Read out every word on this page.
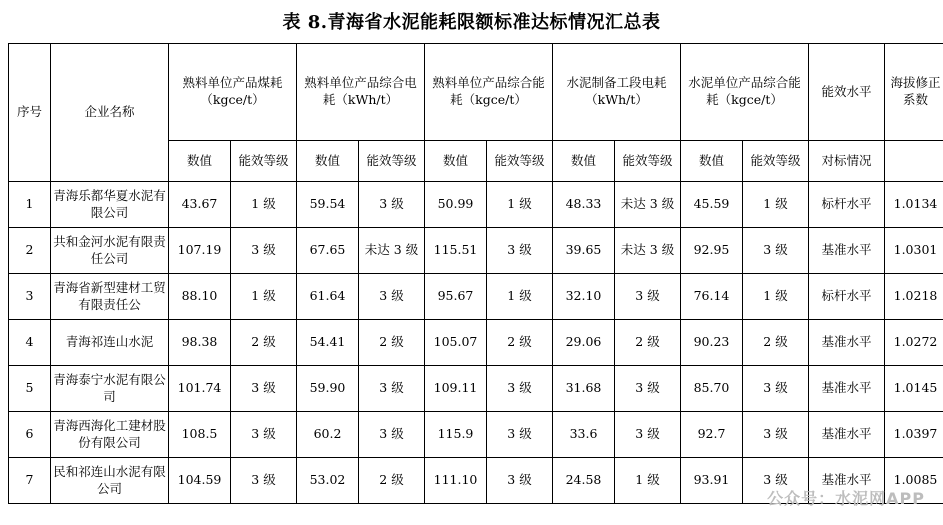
表 8.青海省水泥能耗限额标准达标情况汇总表
序号	企业名称	熟料单位产品煤耗（kgce/t）		熟料单位产品综合电耗（kWh/t）		熟料单位产品综合能耗（kgce/t）		水泥制备工段电耗（kWh/t）		水泥单位产品综合能耗（kgce/t）		能效水平	海拔修正系数
		数值	能效等级	数值	能效等级	数值	能效等级	数值	能效等级	数值	能效等级	对标情况	
1	青海乐都华夏水泥有限公司	43.67	1 级	59.54	3 级	50.99	1 级	48.33	未达 3 级	45.59	1 级	标杆水平	1.0134
2	共和金河水泥有限责任公司	107.19	3 级	67.65	未达 3 级	115.51	3 级	39.65	未达 3 级	92.95	3 级	基准水平	1.0301
3	青海省新型建材工贸有限责任公	88.10	1 级	61.64	3 级	95.67	1 级	32.10	3 级	76.14	1 级	标杆水平	1.0218
4	青海祁连山水泥	98.38	2 级	54.41	2 级	105.07	2 级	29.06	2 级	90.23	2 级	基准水平	1.0272
5	青海泰宁水泥有限公司	101.74	3 级	59.90	3 级	109.11	3 级	31.68	3 级	85.70	3 级	基准水平	1.0145
6	青海西海化工建材股份有限公司	108.5	3 级	60.2	3 级	115.9	3 级	33.6	3 级	92.7	3 级	基准水平	1.0397
7	民和祁连山水泥有限公司	104.59	3 级	53.02	2 级	111.10	3 级	24.58	1 级	93.91	3 级	基准水平	1.0085
公众号：水泥网APP
